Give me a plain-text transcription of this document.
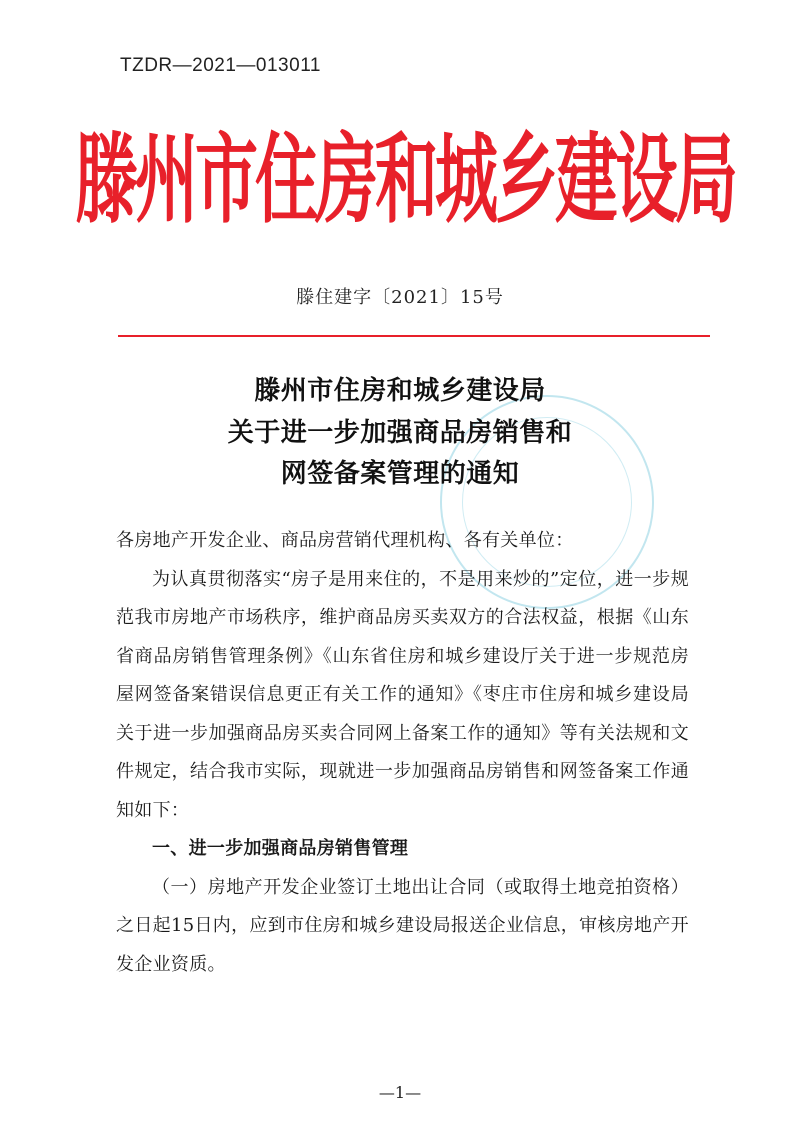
TZDR—2021—013011
滕州市住房和城乡建设局
滕住建字〔2021〕15号
滕州市住房和城乡建设局
关于进一步加强商品房销售和
网签备案管理的通知

各房地产开发企业、商品房营销代理机构、各有关单位：

为认真贯彻落实“房子是用来住的，不是用来炒的”定位，进一步规范我市房地产市场秩序，维护商品房买卖双方的合法权益，根据《山东省商品房销售管理条例》《山东省住房和城乡建设厅关于进一步规范房屋网签备案错误信息更正有关工作的通知》《枣庄市住房和城乡建设局关于进一步加强商品房买卖合同网上备案工作的通知》等有关法规和文件规定，结合我市实际，现就进一步加强商品房销售和网签备案工作通知如下：

一、进一步加强商品房销售管理

（一）房地产开发企业签订土地出让合同（或取得土地竞拍资格）之日起15日内，应到市住房和城乡建设局报送企业信息，审核房地产开发企业资质。

—1—
